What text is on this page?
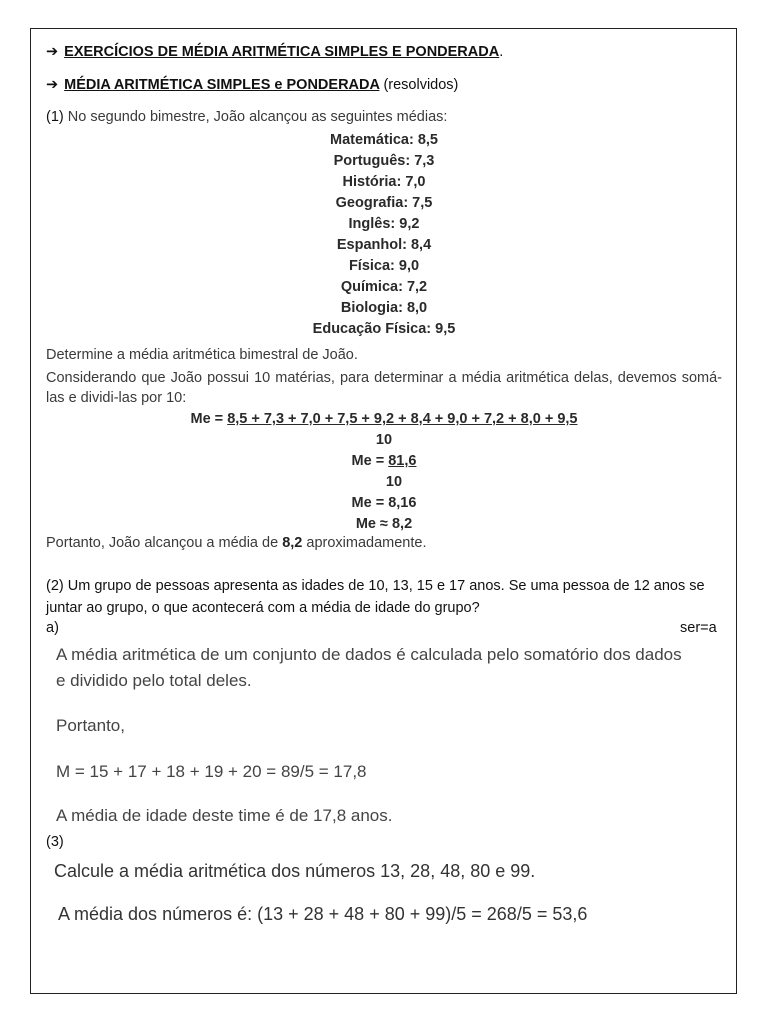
➔ EXERCÍCIOS DE MÉDIA ARITMÉTICA SIMPLES E PONDERADA.
➔ MÉDIA ARITMÉTICA SIMPLES e PONDERADA (resolvidos)
(1) No segundo bimestre, João alcançou as seguintes médias:
Matemática: 8,5
Português: 7,3
História: 7,0
Geografia: 7,5
Inglês: 9,2
Espanhol: 8,4
Física: 9,0
Química: 7,2
Biologia: 8,0
Educação Física: 9,5
Determine a média aritmética bimestral de João.
Considerando que João possui 10 matérias, para determinar a média aritmética delas, devemos somá-las e dividi-las por 10:
Me = 8,5 + 7,3 + 7,0 + 7,5 + 9,2 + 8,4 + 9,0 + 7,2 + 8,0 + 9,5
10
Me = 81,6
10
Me = 8,16
Me ≈ 8,2
Portanto, João alcançou a média de 8,2 aproximadamente.
(2) Um grupo de pessoas apresenta as idades de 10, 13, 15 e 17 anos. Se uma pessoa de 12 anos se juntar ao grupo, o que acontecerá com a média de idade do grupo?
a)	ser=a
A média aritmética de um conjunto de dados é calculada pelo somatório dos dados
e dividido pelo total deles.
Portanto,
M = 15 + 17 + 18 + 19 + 20 = 89/5 = 17,8
A média de idade deste time é de 17,8 anos.
(3)
Calcule a média aritmética dos números 13, 28, 48, 80 e 99.
A média dos números é: (13 + 28 + 48 + 80 + 99)/5 = 268/5 = 53,6
